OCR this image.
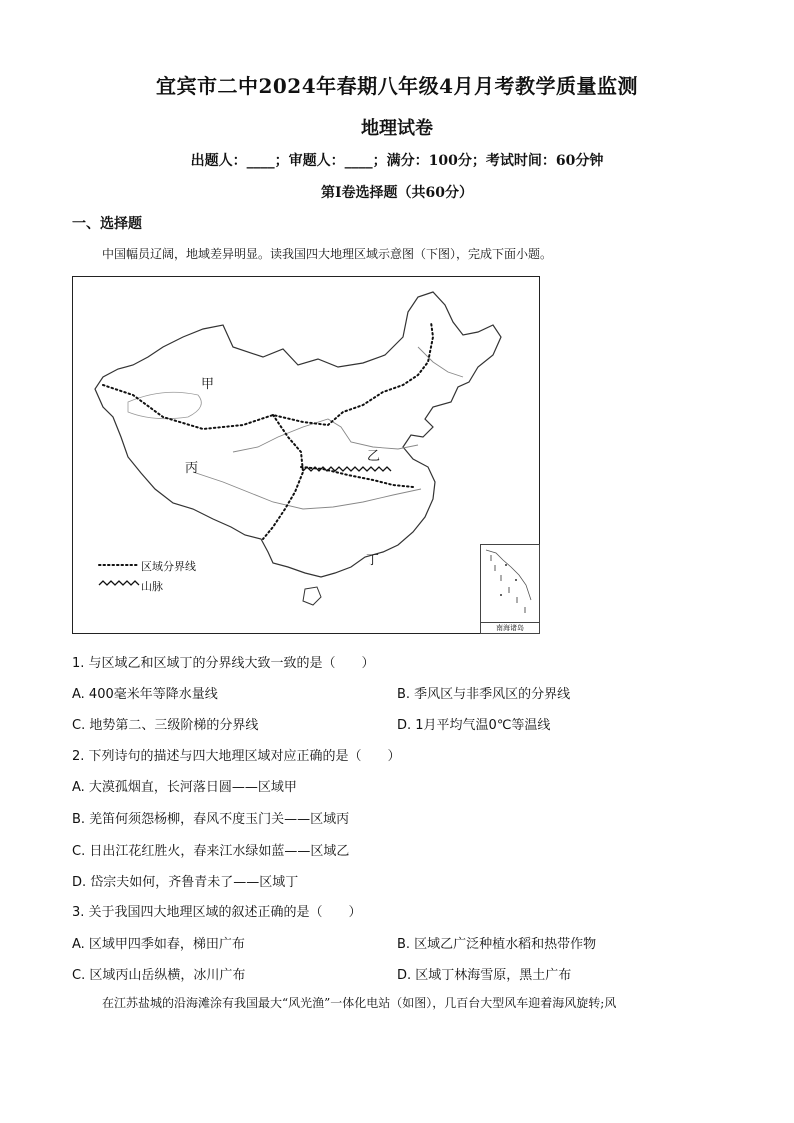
宜宾市二中2024年春期八年级4月月考教学质量监测
地理试卷
出题人：____；审题人：____；满分：100分；考试时间：60分钟
第Ⅰ卷选择题（共60分）
一、选择题
中国幅员辽阔，地域差异明显。读我国四大地理区域示意图（下图），完成下面小题。
甲
乙
丙
丁
区域分界线
山脉
南海诸岛
1. 与区域乙和区域丁的分界线大致一致的是（　　）
A. 400毫米年等降水量线	B. 季风区与非季风区的分界线
C. 地势第二、三级阶梯的分界线	D. 1月平均气温0℃等温线
2. 下列诗句的描述与四大地理区域对应正确的是（　　）
A. 大漠孤烟直，长河落日圆——区域甲
B. 羌笛何须怨杨柳，春风不度玉门关——区域丙
C. 日出江花红胜火，春来江水绿如蓝——区域乙
D. 岱宗夫如何，齐鲁青未了——区域丁
3. 关于我国四大地理区域的叙述正确的是（　　）
A. 区域甲四季如春，梯田广布	B. 区域乙广泛种植水稻和热带作物
C. 区域丙山岳纵横，冰川广布	D. 区域丁林海雪原，黑土广布
在江苏盐城的沿海滩涂有我国最大“风光渔”一体化电站（如图），几百台大型风车迎着海风旋转;风
